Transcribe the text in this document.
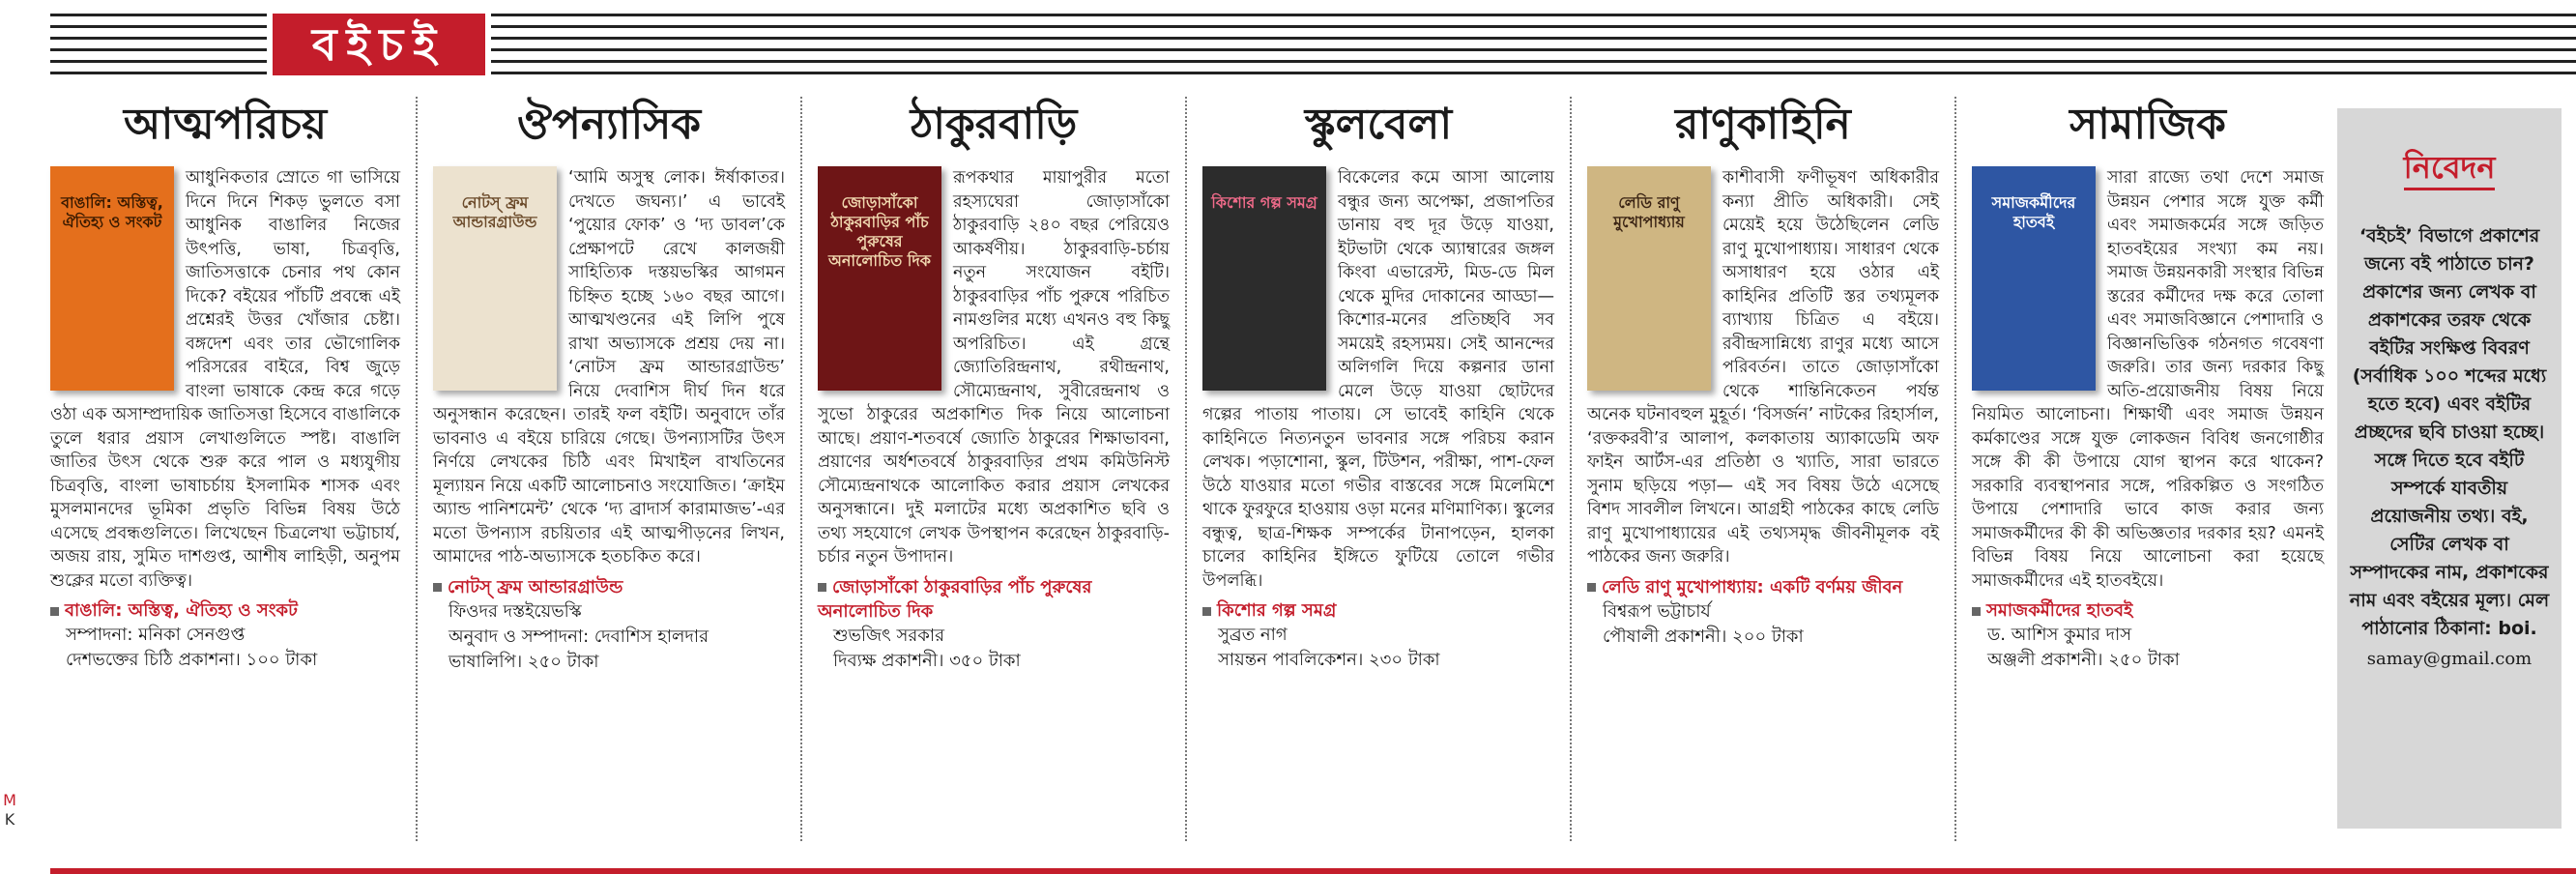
বইচই
আত্মপরিচয়
বাঙালি: অস্তিত্ব, ঐতিহ্য ও সংকট

আধুনিকতার স্রোতে গা ভাসিয়ে দিনে দিনে শিকড় ভুলতে বসা আধুনিক বাঙালির নিজের উৎপত্তি, ভাষা, চিত্রবৃত্তি, জাতিসত্তাকে চেনার পথ কোন দিকে? বইয়ের পাঁচটি প্রবন্ধে এই প্রশ্নেরই উত্তর খোঁজার চেষ্টা। বঙ্গদেশ এবং তার ভৌগোলিক পরিসরের বাইরে, বিশ্ব জুড়ে বাংলা ভাষাকে কেন্দ্র করে গড়ে ওঠা এক অসাম্প্রদায়িক জাতিসত্তা হিসেবে বাঙালিকে তুলে ধরার প্রয়াস লেখাগুলিতে স্পষ্ট। বাঙালি জাতির উৎস থেকে শুরু করে পাল ও মধ্যযুগীয় চিত্রবৃত্তি, বাংলা ভাষাচর্চায় ইসলামিক শাসক এবং মুসলমানদের ভূমিকা প্রভৃতি বিভিন্ন বিষয় উঠে এসেছে প্রবন্ধগুলিতে। লিখেছেন চিত্রলেখা ভট্টাচার্য, অজয় রায়, সুমিত দাশগুপ্ত, আশীষ লাহিড়ী, অনুপম শুক্লের মতো ব্যক্তিত্ব।

বাঙালি: অস্তিত্ব, ঐতিহ্য ও সংকট
সম্পাদনা: মনিকা সেনগুপ্ত
দেশভক্তের চিঠি প্রকাশনা। ১০০ টাকা
ঔপন্যাসিক
নোটস্ ফ্রম আন্ডারগ্রাউন্ড

‘আমি অসুস্থ লোক। ঈর্ষাকাতর। দেখতে জঘন্য।’ এ ভাবেই ‘পুয়োর ফোক’ ও ‘দ্য ডাবল’কে প্রেক্ষাপটে রেখে কালজয়ী সাহিত্যিক দস্তয়ভস্কির আগমন চিহ্নিত হচ্ছে ১৬০ বছর আগে। আত্মখণ্ডনের এই লিপি পুষে রাখা অভ্যাসকে প্রশ্রয় দেয় না। ‘নোটস ফ্রম আন্ডারগ্রাউন্ড’ নিয়ে দেবাশিস দীর্ঘ দিন ধরে অনুসন্ধান করেছেন। তারই ফল বইটি। অনুবাদে তাঁর ভাবনাও এ বইয়ে চারিয়ে গেছে। উপন্যাসটির উৎস নির্ণয়ে লেখকের চিঠি এবং মিখাইল বাখতিনের মূল্যায়ন নিয়ে একটি আলোচনাও সংযোজিত। ‘ক্রাইম অ্যান্ড পানিশমেন্ট’ থেকে ‘দ্য ব্রাদার্স কারামাজভ’-এর মতো উপন্যাস রচয়িতার এই আত্মপীড়নের লিখন, আমাদের পাঠ-অভ্যাসকে হতচকিত করে।

নোটস্ ফ্রম আন্ডারগ্রাউন্ড
ফিওদর দস্তইয়েভস্কি
অনুবাদ ও সম্পাদনা: দেবাশিস হালদার
ভাষালিপি। ২৫০ টাকা
ঠাকুরবাড়ি
জোড়াসাঁকো ঠাকুরবাড়ির পাঁচ পুরুষের অনালোচিত দিক

রূপকথার মায়াপুরীর মতো রহস্যঘেরা জোড়াসাঁকো ঠাকুরবাড়ি ২৪০ বছর পেরিয়েও আকর্ষণীয়। ঠাকুরবাড়ি-চর্চায় নতুন সংযোজন বইটি। ঠাকুরবাড়ির পাঁচ পুরুষে পরিচিত নামগুলির মধ্যে এখনও বহু কিছু অপরিচিত। এই গ্রন্থে জ্যোতিরিন্দ্রনাথ, রথীন্দ্রনাথ, সৌম্যেন্দ্রনাথ, সুবীরেন্দ্রনাথ ও সুভো ঠাকুরের অপ্রকাশিত দিক নিয়ে আলোচনা আছে। প্রয়াণ-শতবর্ষে জ্যোতি ঠাকুরের শিক্ষাভাবনা, প্রয়াণের অর্ধশতবর্ষে ঠাকুরবাড়ির প্রথম কমিউনিস্ট সৌম্যেন্দ্রনাথকে আলোকিত করার প্রয়াস লেখকের অনুসন্ধানে। দুই মলাটের মধ্যে অপ্রকাশিত ছবি ও তথ্য সহযোগে লেখক উপস্থাপন করেছেন ঠাকুরবাড়ি-চর্চার নতুন উপাদান।

জোড়াসাঁকো ঠাকুরবাড়ির পাঁচ পুরুষের অনালোচিত দিক
শুভজিৎ সরকার
দিব্যক্ষ প্রকাশনী। ৩৫০ টাকা
স্কুলবেলা
কিশোর গল্প সমগ্র

বিকেলের কমে আসা আলোয় বন্ধুর জন্য অপেক্ষা, প্রজাপতির ডানায় বহু দূর উড়ে যাওয়া, ইটভাটা থেকে অ্যাম্বারের জঙ্গল কিংবা এভারেস্ট, মিড-ডে মিল থেকে মুদির দোকানের আড্ডা— কিশোর-মনের প্রতিচ্ছবি সব সময়েই রহস্যময়। সেই আনন্দের অলিগলি দিয়ে কল্পনার ডানা মেলে উড়ে যাওয়া ছোটদের গল্পের পাতায় পাতায়। সে ভাবেই কাহিনি থেকে কাহিনিতে নিত্যনতুন ভাবনার সঙ্গে পরিচয় করান লেখক। পড়াশোনা, স্কুল, টিউশন, পরীক্ষা, পাশ-ফেল উঠে যাওয়ার মতো গভীর বাস্তবের সঙ্গে মিলেমিশে থাকে ফুরফুরে হাওয়ায় ওড়া মনের মণিমাণিক্য। স্কুলের বন্ধুত্ব, ছাত্র-শিক্ষক সম্পর্কের টানাপড়েন, হালকা চালের কাহিনির ইঙ্গিতে ফুটিয়ে তোলে গভীর উপলব্ধি।

কিশোর গল্প সমগ্র
সুব্রত নাগ
সায়ন্তন পাবলিকেশন। ২৩০ টাকা
রাণুকাহিনি
লেডি রাণু মুখোপাধ্যায়

কাশীবাসী ফণীভূষণ অধিকারীর কন্যা প্রীতি অধিকারী। সেই মেয়েই হয়ে উঠেছিলেন লেডি রাণু মুখোপাধ্যায়। সাধারণ থেকে অসাধারণ হয়ে ওঠার এই কাহিনির প্রতিটি স্তর তথ্যমূলক ব্যাখ্যায় চিত্রিত এ বইয়ে। রবীন্দ্রসান্নিধ্যে রাণুর মধ্যে আসে পরিবর্তন। তাতে জোড়াসাঁকো থেকে শান্তিনিকেতন পর্যন্ত অনেক ঘটনাবহুল মুহূর্ত। ‘বিসর্জন’ নাটকের রিহার্সাল, ‘রক্তকরবী’র আলাপ, কলকাতায় অ্যাকাডেমি অফ ফাইন আর্টস-এর প্রতিষ্ঠা ও খ্যাতি, সারা ভারতে সুনাম ছড়িয়ে পড়া— এই সব বিষয় উঠে এসেছে বিশদ সাবলীল লিখনে। আগ্রহী পাঠকের কাছে লেডি রাণু মুখোপাধ্যায়ের এই তথ্যসমৃদ্ধ জীবনীমূলক বই পাঠকের জন্য জরুরি।

লেডি রাণু মুখোপাধ্যায়: একটি বর্ণময় জীবন
বিশ্বরূপ ভট্টাচার্য
পৌষালী প্রকাশনী। ২০০ টাকা
সামাজিক
সমাজকর্মীদের হাতবই

সারা রাজ্যে তথা দেশে সমাজ উন্নয়ন পেশার সঙ্গে যুক্ত কর্মী এবং সমাজকর্মের সঙ্গে জড়িত হাতবইয়ের সংখ্যা কম নয়। সমাজ উন্নয়নকারী সংস্থার বিভিন্ন স্তরের কর্মীদের দক্ষ করে তোলা এবং সমাজবিজ্ঞানে পেশাদারি ও বিজ্ঞানভিত্তিক গঠনগত গবেষণা জরুরি। তার জন্য দরকার কিছু অতি-প্রয়োজনীয় বিষয় নিয়ে নিয়মিত আলোচনা। শিক্ষার্থী এবং সমাজ উন্নয়ন কর্মকাণ্ডের সঙ্গে যুক্ত লোকজন বিবিধ জনগোষ্ঠীর সঙ্গে কী কী উপায়ে যোগ স্থাপন করে থাকেন? সরকারি ব্যবস্থাপনার সঙ্গে, পরিকল্পিত ও সংগঠিত উপায়ে পেশাদারি ভাবে কাজ করার জন্য সমাজকর্মীদের কী কী অভিজ্ঞতার দরকার হয়? এমনই বিভিন্ন বিষয় নিয়ে আলোচনা করা হয়েছে সমাজকর্মীদের এই হাতবইয়ে।

সমাজকর্মীদের হাতবই
ড. আশিস কুমার দাস
অঞ্জলী প্রকাশনী। ২৫০ টাকা
নিবেদন
‘বইচই’ বিভাগে প্রকাশের জন্যে বই পাঠাতে চান? প্রকাশের জন্য লেখক বা প্রকাশকের তরফ থেকে বইটির সংক্ষিপ্ত বিবরণ (সর্বাধিক ১০০ শব্দের মধ্যে হতে হবে) এবং বইটির প্রচ্ছদের ছবি চাওয়া হচ্ছে। সঙ্গে দিতে হবে বইটি সম্পর্কে যাবতীয় প্রয়োজনীয় তথ্য। বই, সেটির লেখক বা সম্পাদকের নাম, প্রকাশকের নাম এবং বইয়ের মূল্য। মেল পাঠানোর ঠিকানা: boi.
samay@gmail.com
M
K
